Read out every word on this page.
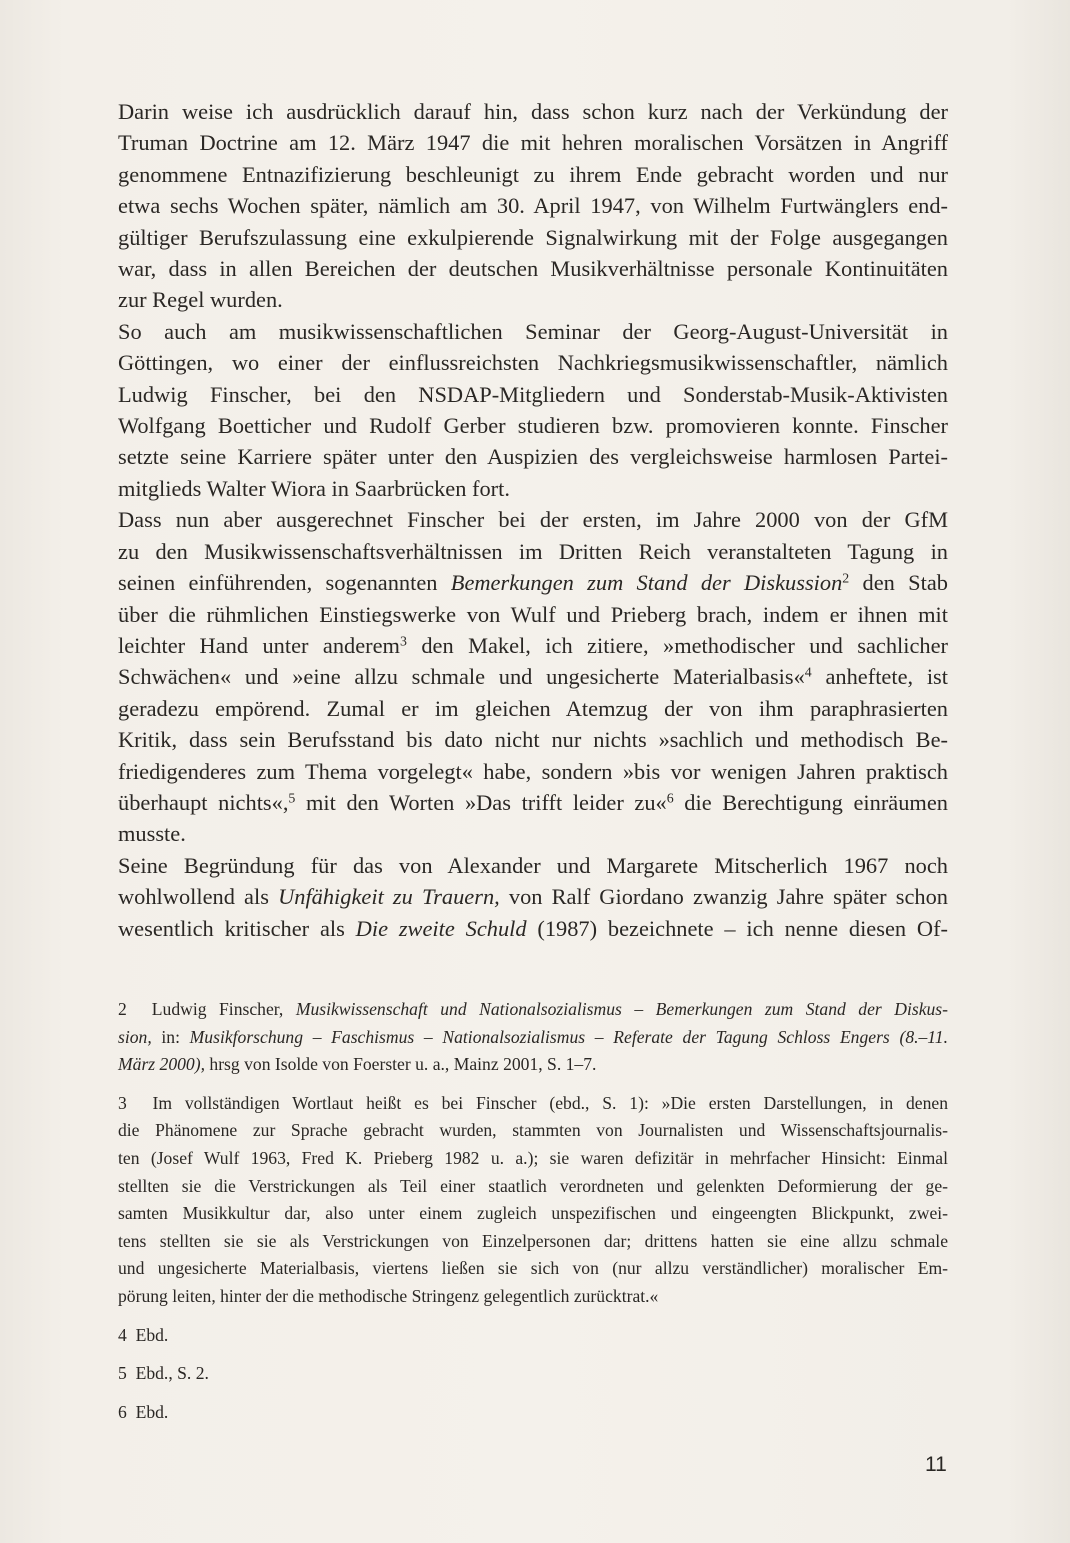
Darin weise ich ausdrücklich darauf hin, dass schon kurz nach der Verkündung der
Truman Doctrine am 12. März 1947 die mit hehren moralischen Vorsätzen in Angriff
genommene Entnazifizierung beschleunigt zu ihrem Ende gebracht worden und nur
etwa sechs Wochen später, nämlich am 30. April 1947, von Wilhelm Furtwänglers end-
gültiger Berufszulassung eine exkulpierende Signalwirkung mit der Folge ausgegangen
war, dass in allen Bereichen der deutschen Musikverhältnisse personale Kontinuitäten
zur Regel wurden.

So auch am musikwissenschaftlichen Seminar der Georg-August-Universität in
Göttingen, wo einer der einflussreichsten Nachkriegsmusikwissenschaftler, nämlich
Ludwig Finscher, bei den NSDAP-Mitgliedern und Sonderstab-Musik-Aktivisten
Wolfgang Boetticher und Rudolf Gerber studieren bzw. promovieren konnte. Finscher
setzte seine Karriere später unter den Auspizien des vergleichsweise harmlosen Partei-
mitglieds Walter Wiora in Saarbrücken fort.

Dass nun aber ausgerechnet Finscher bei der ersten, im Jahre 2000 von der GfM
zu den Musikwissenschaftsverhältnissen im Dritten Reich veranstalteten Tagung in
seinen einführenden, sogenannten Bemerkungen zum Stand der Diskussion$^2$ den Stab
über die rühmlichen Einstiegswerke von Wulf und Prieberg brach, indem er ihnen mit
leichter Hand unter anderem$^3$ den Makel, ich zitiere, »methodischer und sachlicher
Schwächen« und »eine allzu schmale und ungesicherte Materialbasis«$^4$ anheftete, ist
geradezu empörend. Zumal er im gleichen Atemzug der von ihm paraphrasierten
Kritik, dass sein Berufsstand bis dato nicht nur nichts »sachlich und methodisch Be-
friedigenderes zum Thema vorgelegt« habe, sondern »bis vor wenigen Jahren praktisch
überhaupt nichts«,$^5$ mit den Worten »Das trifft leider zu«$^6$ die Berechtigung einräumen
musste.

Seine Begründung für das von Alexander und Margarete Mitscherlich 1967 noch
wohlwollend als Unfähigkeit zu Trauern, von Ralf Giordano zwanzig Jahre später schon
wesentlich kritischer als Die zweite Schuld (1987) bezeichnete – ich nenne diesen Of-

2 Ludwig Finscher, Musikwissenschaft und Nationalsozialismus – Bemerkungen zum Stand der Diskus-
sion, in: Musikforschung – Faschismus – Nationalsozialismus – Referate der Tagung Schloss Engers (8.–11.
März 2000), hrsg von Isolde von Foerster u. a., Mainz 2001, S. 1–7.
3 Im vollständigen Wortlaut heißt es bei Finscher (ebd., S. 1): »Die ersten Darstellungen, in denen
die Phänomene zur Sprache gebracht wurden, stammten von Journalisten und Wissenschaftsjournalis-
ten (Josef Wulf 1963, Fred K. Prieberg 1982 u. a.); sie waren defizitär in mehrfacher Hinsicht: Einmal
stellten sie die Verstrickungen als Teil einer staatlich verordneten und gelenkten Deformierung der ge-
samten Musikkultur dar, also unter einem zugleich unspezifischen und eingeengten Blickpunkt, zwei-
tens stellten sie sie als Verstrickungen von Einzelpersonen dar; drittens hatten sie eine allzu schmale
und ungesicherte Materialbasis, viertens ließen sie sich von (nur allzu verständlicher) moralischer Em-
pörung leiten, hinter der die methodische Stringenz gelegentlich zurücktrat.«
4 Ebd.
5 Ebd., S. 2.
6 Ebd.
11
